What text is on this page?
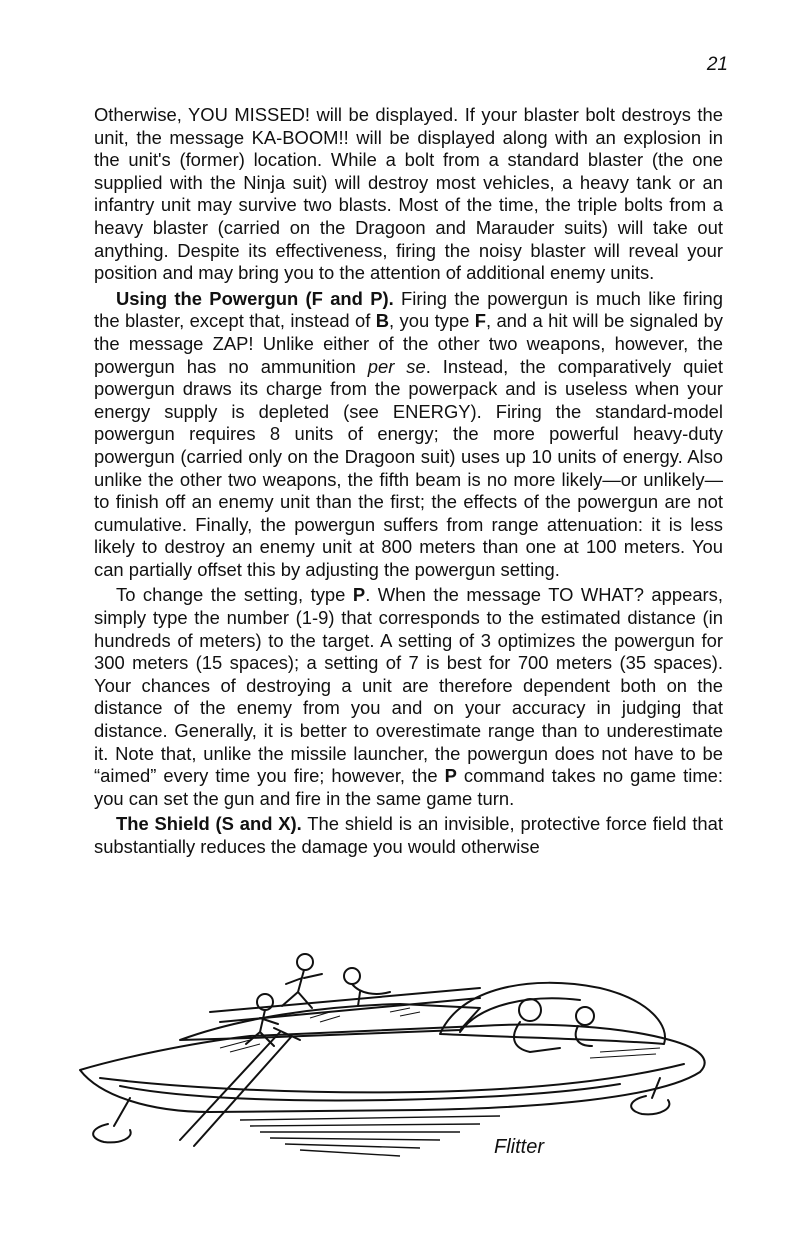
21

Otherwise, YOU MISSED! will be displayed. If your blaster bolt destroys the unit, the message KA-BOOM!! will be displayed along with an explosion in the unit's (former) location. While a bolt from a standard blaster (the one supplied with the Ninja suit) will destroy most vehicles, a heavy tank or an infantry unit may survive two blasts. Most of the time, the triple bolts from a heavy blaster (carried on the Dragoon and Marauder suits) will take out anything. Despite its effectiveness, firing the noisy blaster will reveal your position and may bring you to the attention of additional enemy units.

Using the Powergun (F and P). Firing the powergun is much like firing the blaster, except that, instead of B, you type F, and a hit will be signaled by the message ZAP! Unlike either of the other two weapons, however, the powergun has no ammunition per se. Instead, the comparatively quiet powergun draws its charge from the powerpack and is useless when your energy supply is depleted (see ENERGY). Firing the standard-model powergun requires 8 units of energy; the more powerful heavy-duty powergun (carried only on the Dragoon suit) uses up 10 units of energy. Also unlike the other two weapons, the fifth beam is no more likely—or unlikely—to finish off an enemy unit than the first; the effects of the powergun are not cumulative. Finally, the powergun suffers from range attenuation: it is less likely to destroy an enemy unit at 800 meters than one at 100 meters. You can partially offset this by adjusting the powergun setting.

To change the setting, type P. When the message TO WHAT? appears, simply type the number (1-9) that corresponds to the estimated distance (in hundreds of meters) to the target. A setting of 3 optimizes the powergun for 300 meters (15 spaces); a setting of 7 is best for 700 meters (35 spaces). Your chances of destroying a unit are therefore dependent both on the distance of the enemy from you and on your accuracy in judging that distance. Generally, it is better to overestimate range than to underestimate it. Note that, unlike the missile launcher, the powergun does not have to be “aimed” every time you fire; however, the P command takes no game time: you can set the gun and fire in the same game turn.

The Shield (S and X). The shield is an invisible, protective force field that substantially reduces the damage you would otherwise

Flitter
